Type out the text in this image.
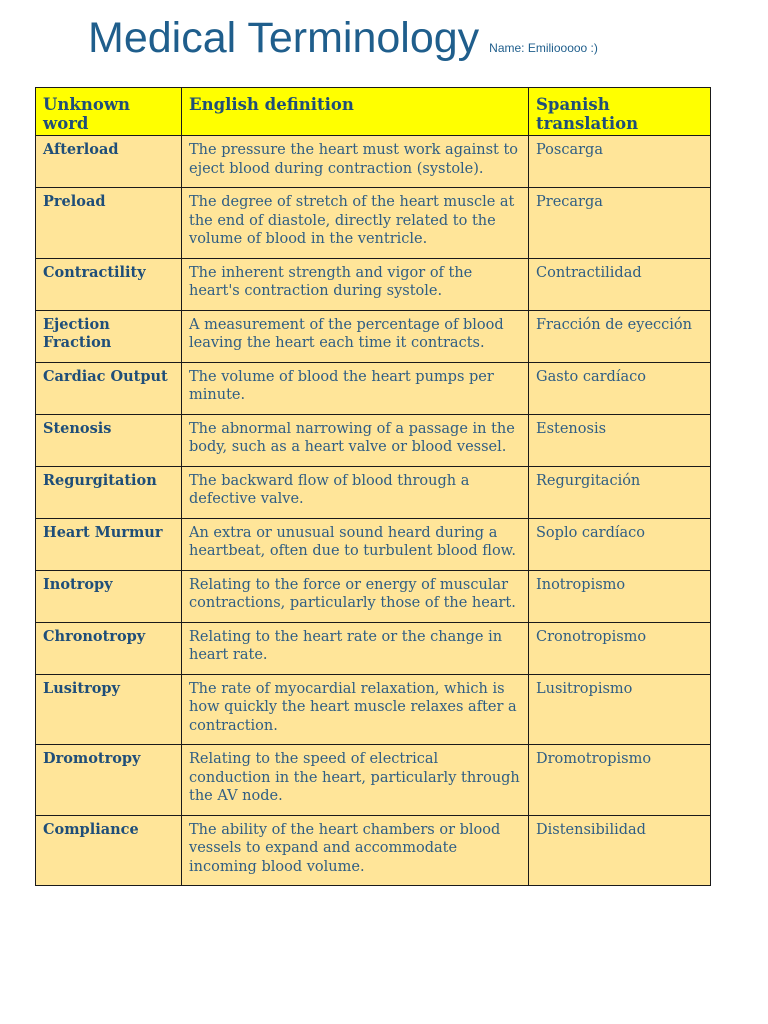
Medical Terminology Name: Emiliooooo :)
Unknown word	English definition	Spanish translation
Afterload	The pressure the heart must work against to eject blood during contraction (systole).	Poscarga
Preload	The degree of stretch of the heart muscle at the end of diastole, directly related to the volume of blood in the ventricle.	Precarga
Contractility	The inherent strength and vigor of the heart's contraction during systole.	Contractilidad
Ejection Fraction	A measurement of the percentage of blood leaving the heart each time it contracts.	Fracción de eyección
Cardiac Output	The volume of blood the heart pumps per minute.	Gasto cardíaco
Stenosis	The abnormal narrowing of a passage in the body, such as a heart valve or blood vessel.	Estenosis
Regurgitation	The backward flow of blood through a defective valve.	Regurgitación
Heart Murmur	An extra or unusual sound heard during a heartbeat, often due to turbulent blood flow.	Soplo cardíaco
Inotropy	Relating to the force or energy of muscular contractions, particularly those of the heart.	Inotropismo
Chronotropy	Relating to the heart rate or the change in heart rate.	Cronotropismo
Lusitropy	The rate of myocardial relaxation, which is how quickly the heart muscle relaxes after a contraction.	Lusitropismo
Dromotropy	Relating to the speed of electrical conduction in the heart, particularly through the AV node.	Dromotropismo
Compliance	The ability of the heart chambers or blood vessels to expand and accommodate incoming blood volume.	Distensibilidad
